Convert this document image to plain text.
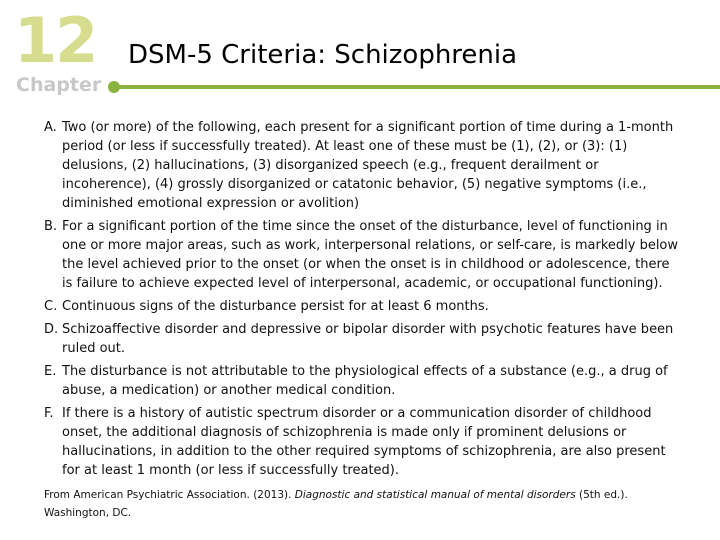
12
Chapter
DSM-5 Criteria: Schizophrenia
A. Two (or more) of the following, each present for a significant portion of time during a 1-month period (or less if successfully treated). At least one of these must be (1), (2), or (3): (1) delusions, (2) hallucinations, (3) disorganized speech (e.g., frequent derailment or incoherence), (4) grossly disorganized or catatonic behavior, (5) negative symptoms (i.e., diminished emotional expression or avolition)
B. For a significant portion of the time since the onset of the disturbance, level of functioning in one or more major areas, such as work, interpersonal relations, or self-care, is markedly below the level achieved prior to the onset (or when the onset is in childhood or adolescence, there is failure to achieve expected level of interpersonal, academic, or occupational functioning).
C. Continuous signs of the disturbance persist for at least 6 months.
D. Schizoaffective disorder and depressive or bipolar disorder with psychotic features have been ruled out.
E. The disturbance is not attributable to the physiological effects of a substance (e.g., a drug of abuse, a medication) or another medical condition.
F. If there is a history of autistic spectrum disorder or a communication disorder of childhood onset, the additional diagnosis of schizophrenia is made only if prominent delusions or hallucinations, in addition to the other required symptoms of schizophrenia, are also present for at least 1 month (or less if successfully treated).

From American Psychiatric Association. (2013). Diagnostic and statistical manual of mental disorders (5th ed.). Washington, DC.
